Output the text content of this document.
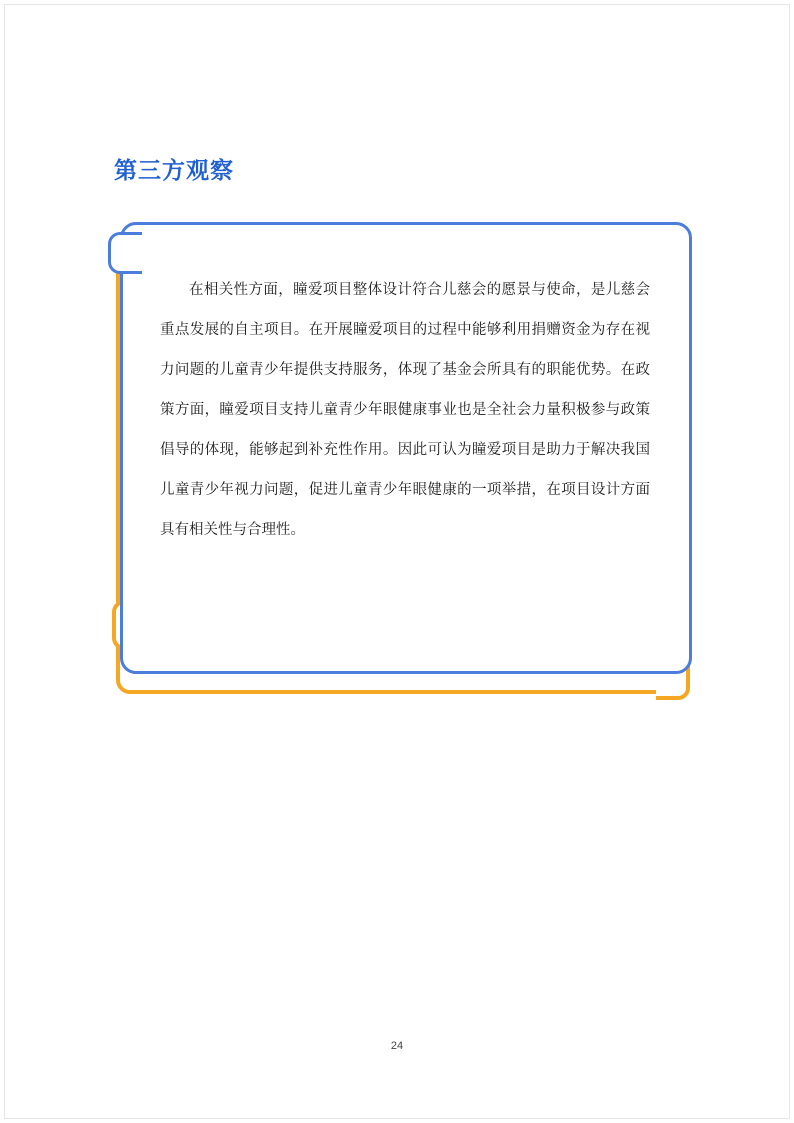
第三方观察
在相关性方面，瞳爱项目整体设计符合儿慈会的愿景与使命，是儿慈会重点发展的自主项目。在开展瞳爱项目的过程中能够利用捐赠资金为存在视力问题的儿童青少年提供支持服务，体现了基金会所具有的职能优势。在政策方面，瞳爱项目支持儿童青少年眼健康事业也是全社会力量积极参与政策倡导的体现，能够起到补充性作用。因此可认为瞳爱项目是助力于解决我国儿童青少年视力问题，促进儿童青少年眼健康的一项举措，在项目设计方面具有相关性与合理性。
24
